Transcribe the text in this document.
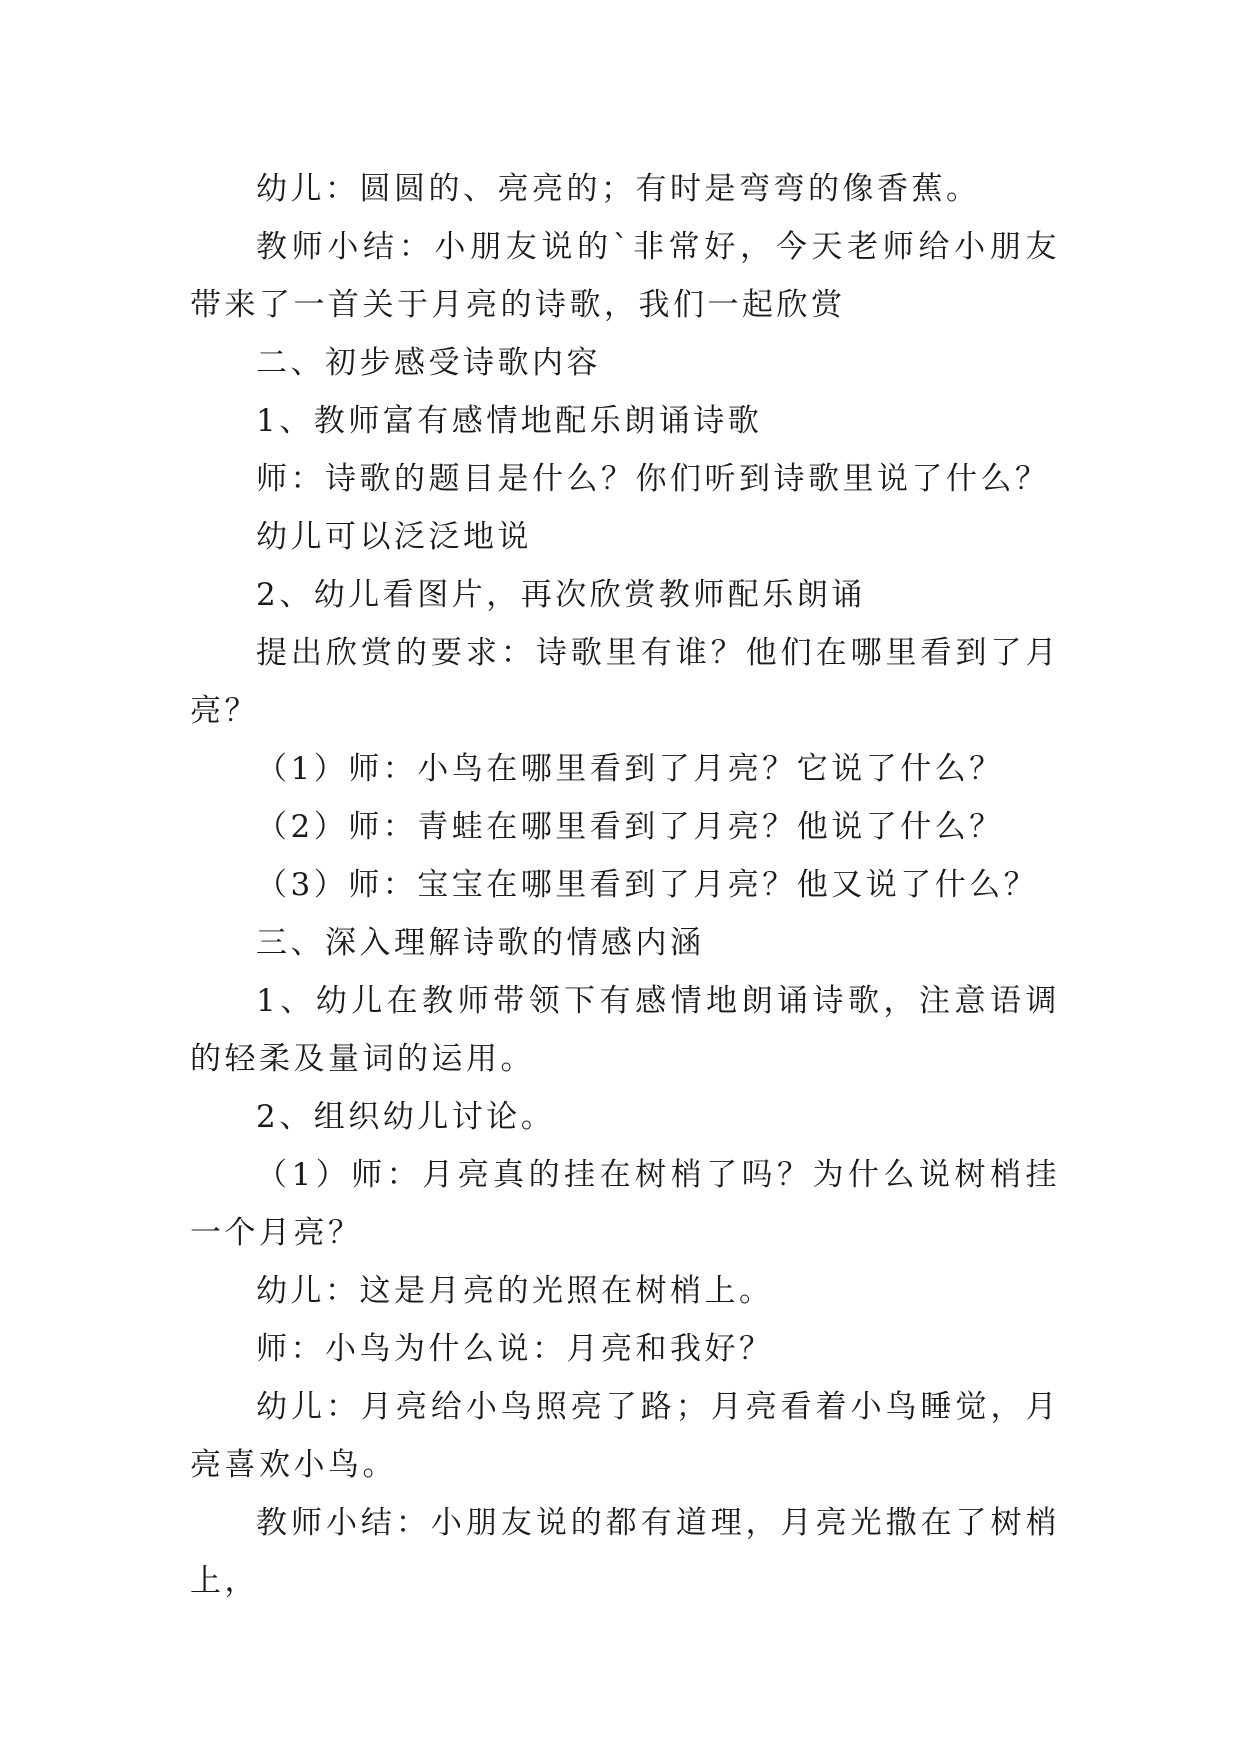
幼儿：圆圆的、亮亮的；有时是弯弯的像香蕉。

教师小结：小朋友说的`非常好，今天老师给小朋友带来了一首关于月亮的诗歌，我们一起欣赏

二、初步感受诗歌内容

1、教师富有感情地配乐朗诵诗歌

师：诗歌的题目是什么？你们听到诗歌里说了什么？

幼儿可以泛泛地说

2、幼儿看图片，再次欣赏教师配乐朗诵

提出欣赏的要求：诗歌里有谁？他们在哪里看到了月亮？

（1）师：小鸟在哪里看到了月亮？它说了什么？

（2）师：青蛙在哪里看到了月亮？他说了什么？

（3）师：宝宝在哪里看到了月亮？他又说了什么？

三、深入理解诗歌的情感内涵

1、幼儿在教师带领下有感情地朗诵诗歌，注意语调的轻柔及量词的运用。

2、组织幼儿讨论。

（1）师：月亮真的挂在树梢了吗？为什么说树梢挂一个月亮？

幼儿：这是月亮的光照在树梢上。

师：小鸟为什么说：月亮和我好？

幼儿：月亮给小鸟照亮了路；月亮看着小鸟睡觉，月亮喜欢小鸟。

教师小结：小朋友说的都有道理，月亮光撒在了树梢上，
